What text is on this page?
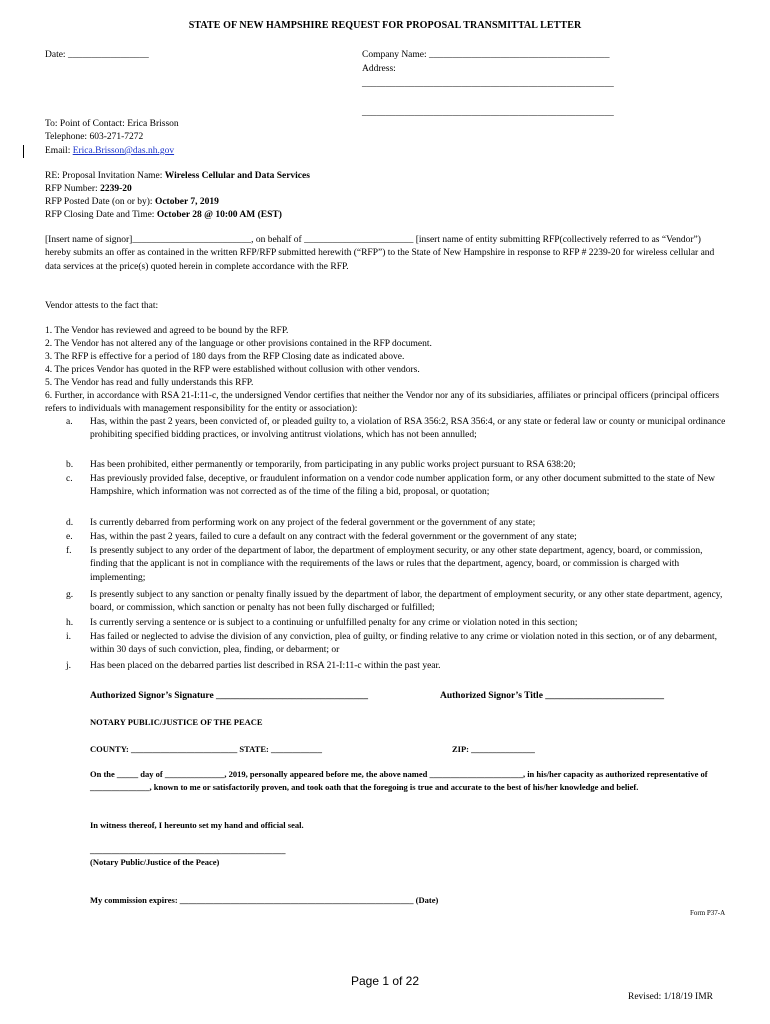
STATE OF NEW HAMPSHIRE REQUEST FOR PROPOSAL TRANSMITTAL LETTER
Date: _________________	Company Name: ______________________________________
Address:
_____________________________________________________
_____________________________________________________
To: Point of Contact: Erica Brisson
Telephone: 603-271-7272
Email: Erica.Brisson@das.nh.gov
RE: Proposal Invitation Name: Wireless Cellular and Data Services
RFP Number: 2239-20
RFP Posted Date (on or by): October 7, 2019
RFP Closing Date and Time: October 28 @ 10:00 AM (EST)
[Insert name of signor]_________________________, on behalf of _______________________ [insert name of entity submitting RFP(collectively referred to as “Vendor”) hereby submits an offer as contained in the written RFP/RFP submitted herewith (“RFP”) to the State of New Hampshire in response to RFP # 2239-20 for wireless cellular and data services at the price(s) quoted herein in complete accordance with the RFP.
Vendor attests to the fact that:
1. The Vendor has reviewed and agreed to be bound by the RFP.
2. The Vendor has not altered any of the language or other provisions contained in the RFP document.
3. The RFP is effective for a period of 180 days from the RFP Closing date as indicated above.
4. The prices Vendor has quoted in the RFP were established without collusion with other vendors.
5. The Vendor has read and fully understands this RFP.
6. Further, in accordance with RSA 21-I:11-c, the undersigned Vendor certifies that neither the Vendor nor any of its subsidiaries, affiliates or principal officers (principal officers refers to individuals with management responsibility for the entity or association):
a. Has, within the past 2 years, been convicted of, or pleaded guilty to, a violation of RSA 356:2, RSA 356:4, or any state or federal law or county or municipal ordinance prohibiting specified bidding practices, or involving antitrust violations, which has not been annulled;
b. Has been prohibited, either permanently or temporarily, from participating in any public works project pursuant to RSA 638:20;
c. Has previously provided false, deceptive, or fraudulent information on a vendor code number application form, or any other document submitted to the state of New Hampshire, which information was not corrected as of the time of the filing a bid, proposal, or quotation;
d. Is currently debarred from performing work on any project of the federal government or the government of any state;
e. Has, within the past 2 years, failed to cure a default on any contract with the federal government or the government of any state;
f. Is presently subject to any order of the department of labor, the department of employment security, or any other state department, agency, board, or commission, finding that the applicant is not in compliance with the requirements of the laws or rules that the department, agency, board, or commission is charged with implementing;
g. Is presently subject to any sanction or penalty finally issued by the department of labor, the department of employment security, or any other state department, agency, board, or commission, which sanction or penalty has not been fully discharged or fulfilled;
h. Is currently serving a sentence or is subject to a continuing or unfulfilled penalty for any crime or violation noted in this section;
i. Has failed or neglected to advise the division of any conviction, plea of guilty, or finding relative to any crime or violation noted in this section, or of any debarment, within 30 days of such conviction, plea, finding, or debarment; or
j. Has been placed on the debarred parties list described in RSA 21-I:11-c within the past year.
Authorized Signor’s Signature ________________________________	Authorized Signor’s Title _________________________
NOTARY PUBLIC/JUSTICE OF THE PEACE
COUNTY: _________________________ STATE: ____________	ZIP: _______________
On the _____ day of ______________, 2019, personally appeared before me, the above named ______________________, in his/her capacity as authorized representative of ______________, known to me or satisfactorily proven, and took oath that the foregoing is true and accurate to the best of his/her knowledge and belief.
In witness thereof, I hereunto set my hand and official seal.
______________________________________________
(Notary Public/Justice of the Peace)
My commission expires: _______________________________________________________ (Date)
Form P37-A
Page 1 of 22
Revised: 1/18/19 IMR
